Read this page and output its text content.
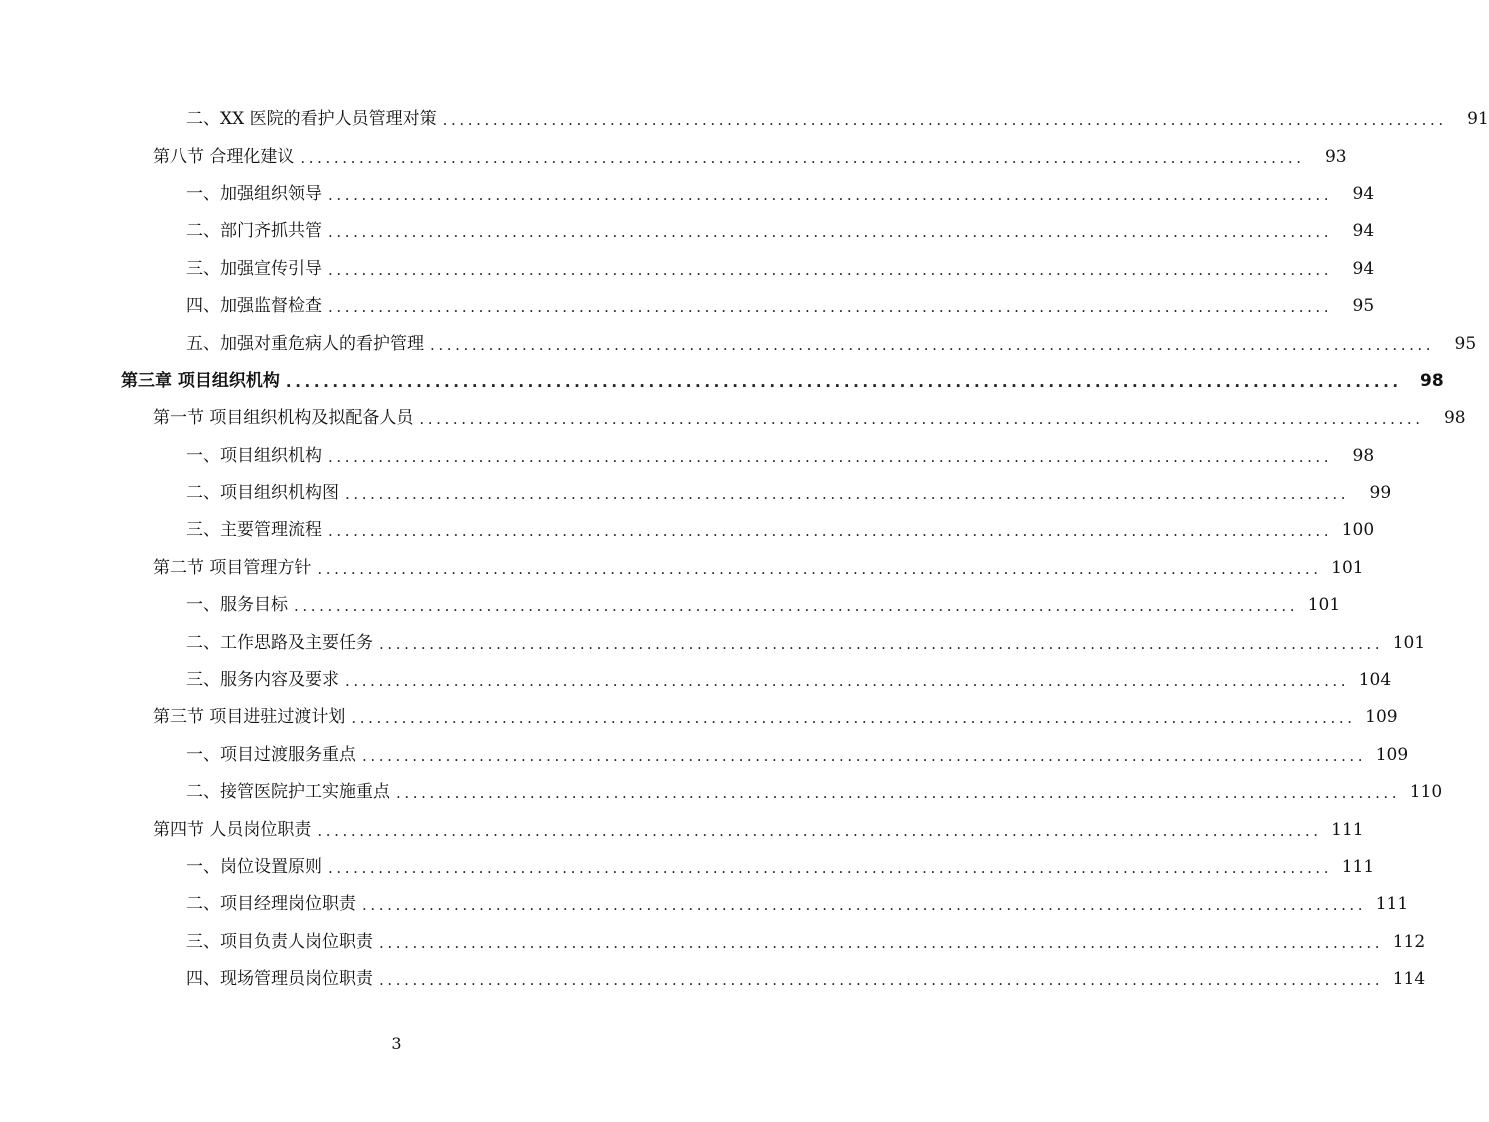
二、XX 医院的看护人员管理对策 ........................................................................................................................	91
第八节 合理化建议 ........................................................................................................................	93
一、加强组织领导 ........................................................................................................................	94
二、部门齐抓共管 ........................................................................................................................	94
三、加强宣传引导 ........................................................................................................................	94
四、加强监督检查 ........................................................................................................................	95
五、加强对重危病人的看护管理 ........................................................................................................................	95
第三章 项目组织机构 ........................................................................................................................	98
第一节 项目组织机构及拟配备人员 ........................................................................................................................	98
一、项目组织机构 ........................................................................................................................	98
二、项目组织机构图 ........................................................................................................................	99
三、主要管理流程 ........................................................................................................................ 100
第二节 项目管理方针 ........................................................................................................................ 101
一、服务目标 ........................................................................................................................ 101
二、工作思路及主要任务 ........................................................................................................................ 101
三、服务内容及要求 ........................................................................................................................ 104
第三节 项目进驻过渡计划 ........................................................................................................................ 109
一、项目过渡服务重点 ........................................................................................................................ 109
二、接管医院护工实施重点 ........................................................................................................................ 110
第四节 人员岗位职责 ........................................................................................................................ 111
一、岗位设置原则 ........................................................................................................................ 111
二、项目经理岗位职责 ........................................................................................................................ 111
三、项目负责人岗位职责 ........................................................................................................................ 112
四、现场管理员岗位职责 ........................................................................................................................ 114
3
